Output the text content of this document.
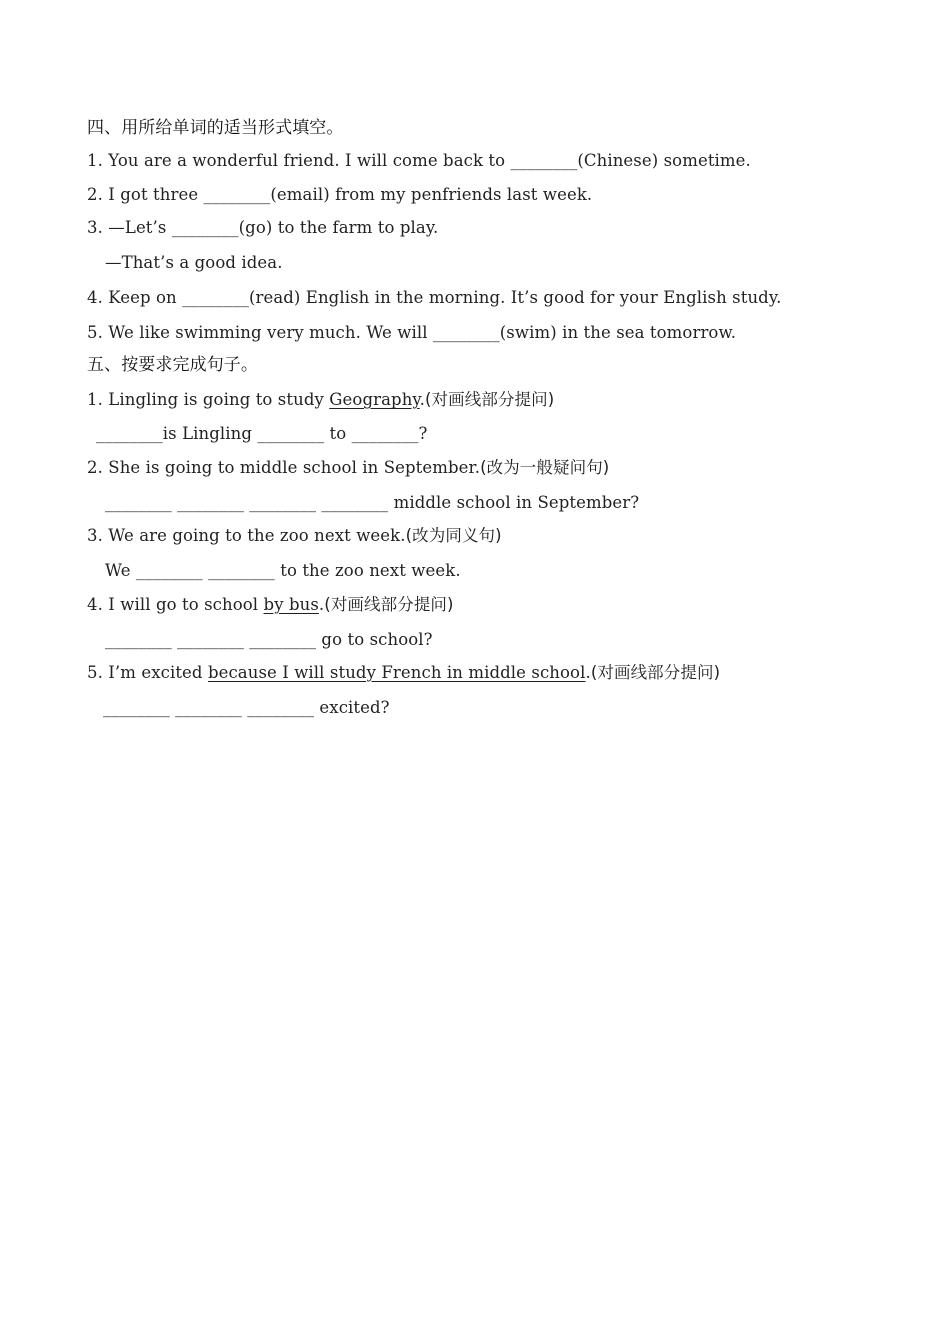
四、用所给单词的适当形式填空。
1. You are a wonderful friend. I will come back to ________(Chinese) sometime.
2. I got three ________(email) from my penfriends last week.
3. —Let’s ________(go) to the farm to play.
—That’s a good idea.
4. Keep on ________(read) English in the morning. It’s good for your English study.
5. We like swimming very much. We will ________(swim) in the sea tomorrow.
五、按要求完成句子。
1. Lingling is going to study Geography.(对画线部分提问)
________is Lingling ________ to ________?
2. She is going to middle school in September.(改为一般疑问句)
________ ________ ________ ________ middle school in September?
3. We are going to the zoo next week.(改为同义句)
We ________ ________ to the zoo next week.
4. I will go to school by bus.(对画线部分提问)
________ ________ ________ go to school?
5. I’m excited because I will study French in middle school.(对画线部分提问)
________ ________ ________ excited?
